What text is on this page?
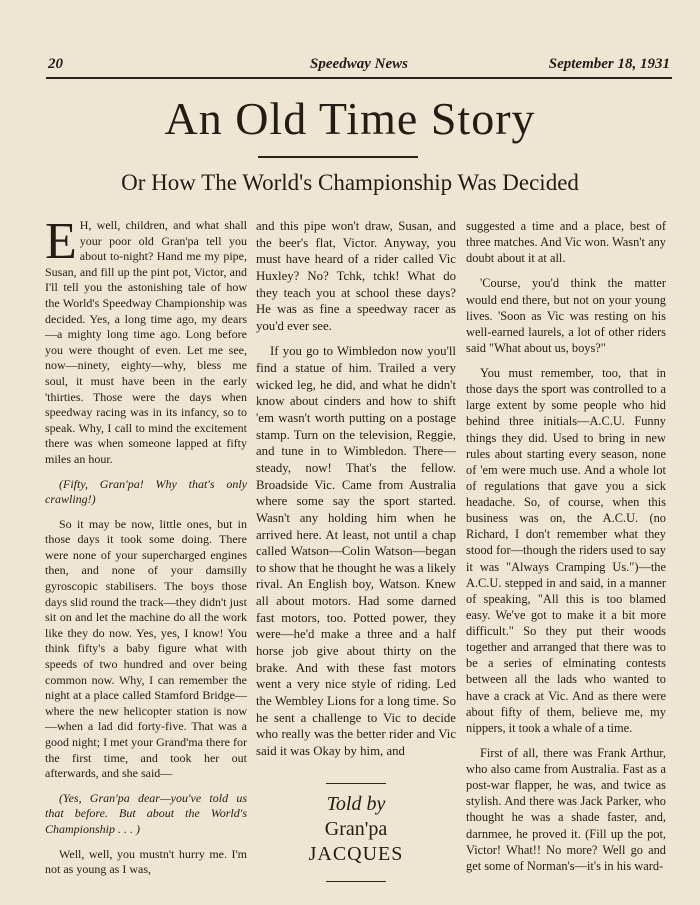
20	Speedway News	September 18, 1931
An Old Time Story
Or How The World's Championship Was Decided

E H, well, children, and what shall your poor old Gran'pa tell you about to-night? Hand me my pipe, Susan, and fill up the pint pot, Victor, and I'll tell you the astonishing tale of how the World's Speedway Championship was decided. Yes, a long time ago, my dears—a mighty long time ago. Long before you were thought of even. Let me see, now—ninety, eighty—why, bless me soul, it must have been in the early 'thirties. Those were the days when speedway racing was in its infancy, so to speak. Why, I call to mind the excitement there was when someone lapped at fifty miles an hour.

(Fifty, Gran'pa! Why that's only crawling!)

So it may be now, little ones, but in those days it took some doing. There were none of your supercharged engines then, and none of your damsilly gyroscopic stabilisers. The boys those days slid round the track—they didn't just sit on and let the machine do all the work like they do now. Yes, yes, I know! You think fifty's a baby figure what with speeds of two hundred and over being common now. Why, I can remember the night at a place called Stamford Bridge—where the new helicopter station is now—when a lad did forty-five. That was a good night; I met your Grand'ma there for the first time, and took her out afterwards, and she said—

(Yes, Gran'pa dear—you've told us that before. But about the World's Championship . . . )

Well, well, you mustn't hurry me. I'm not as young as I was,

and this pipe won't draw, Susan, and the beer's flat, Victor. Anyway, you must have heard of a rider called Vic Huxley? No? Tchk, tchk! What do they teach you at school these days? He was as fine a speedway racer as you'd ever see.

If you go to Wimbledon now you'll find a statue of him. Trailed a very wicked leg, he did, and what he didn't know about cinders and how to shift 'em wasn't worth putting on a postage stamp. Turn on the television, Reggie, and tune in to Wimbledon. There—steady, now! That's the fellow. Broadside Vic. Came from Australia where some say the sport started. Wasn't any holding him when he arrived here. At least, not until a chap called Watson—Colin Watson—began to show that he thought he was a likely rival. An English boy, Watson. Knew all about motors. Had some darned fast motors, too. Potted power, they were—he'd make a three and a half horse job give about thirty on the brake. And with these fast motors went a very nice style of riding. Led the Wembley Lions for a long time. So he sent a challenge to Vic to decide who really was the better rider and Vic said it was Okay by him, and

suggested a time and a place, best of three matches. And Vic won. Wasn't any doubt about it at all.

'Course, you'd think the matter would end there, but not on your young lives. 'Soon as Vic was resting on his well-earned laurels, a lot of other riders said "What about us, boys?"

You must remember, too, that in those days the sport was controlled to a large extent by some people who hid behind three initials—A.C.U. Funny things they did. Used to bring in new rules about starting every season, none of 'em were much use. And a whole lot of regulations that gave you a sick headache. So, of course, when this business was on, the A.C.U. (no Richard, I don't remember what they stood for—though the riders used to say it was "Always Cramping Us.")—the A.C.U. stepped in and said, in a manner of speaking, "All this is too blamed easy. We've got to make it a bit more difficult." So they put their woods together and arranged that there was to be a series of elminating contests between all the lads who wanted to have a crack at Vic. And as there were about fifty of them, believe me, my nippers, it took a whale of a time.

First of all, there was Frank Arthur, who also came from Australia. Fast as a post-war flapper, he was, and twice as stylish. And there was Jack Parker, who thought he was a shade faster, and, darnmee, he proved it. (Fill up the pot, Victor! What!! No more? Well go and get some of Norman's—it's in his ward-

Told by
Gran'pa
JACQUES
